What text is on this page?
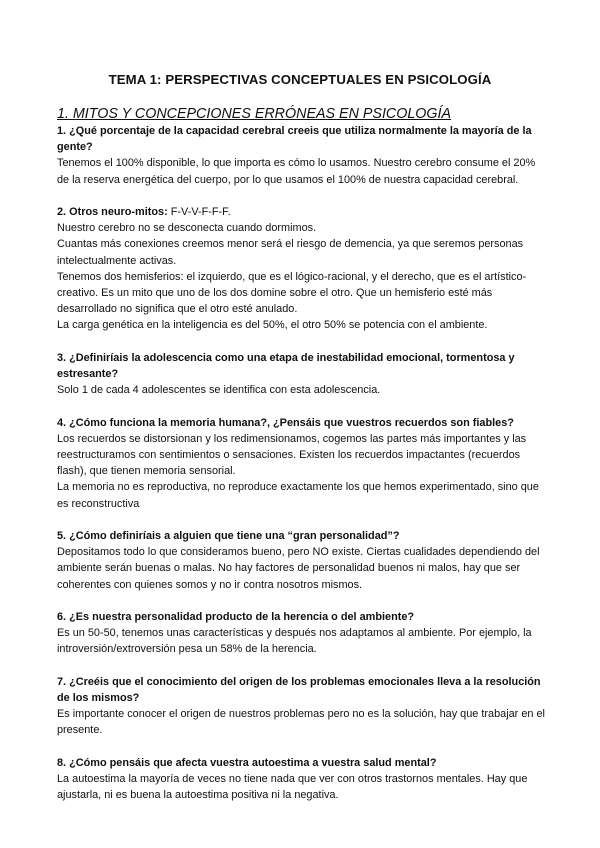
TEMA 1: PERSPECTIVAS CONCEPTUALES EN PSICOLOGÍA
1. MITOS Y CONCEPCIONES ERRÓNEAS EN PSICOLOGÍA
1. ¿Qué porcentaje de la capacidad cerebral creeis que utiliza normalmente la mayoría de la gente?
Tenemos el 100% disponible, lo que importa es cómo lo usamos. Nuestro cerebro consume el 20% de la reserva energética del cuerpo, por lo que usamos el 100% de nuestra capacidad cerebral.
2. Otros neuro-mitos: F-V-V-F-F-F.
Nuestro cerebro no se desconecta cuando dormimos.
Cuantas más conexiones creemos menor será el riesgo de demencia, ya que seremos personas intelectualmente activas.
Tenemos dos hemisferios: el izquierdo, que es el lógico-racional, y el derecho, que es el artístico-creativo. Es un mito que uno de los dos domine sobre el otro. Que un hemisferio esté más desarrollado no significa que el otro esté anulado.
La carga genética en la inteligencia es del 50%, el otro 50% se potencia con el ambiente.
3. ¿Definiríais la adolescencia como una etapa de inestabilidad emocional, tormentosa y estresante?
Solo 1 de cada 4 adolescentes se identifica con esta adolescencia.
4. ¿Cómo funciona la memoria humana?, ¿Pensáis que vuestros recuerdos son fiables?
Los recuerdos se distorsionan y los redimensionamos, cogemos las partes más importantes y las reestructuramos con sentimientos o sensaciones. Existen los recuerdos impactantes (recuerdos flash), que tienen memoria sensorial.
La memoria no es reproductiva, no reproduce exactamente los que hemos experimentado, sino que es reconstructiva
5. ¿Cómo definiríais a alguien que tiene una “gran personalidad”?
Depositamos todo lo que consideramos bueno, pero NO existe. Ciertas cualidades dependiendo del ambiente serán buenas o malas. No hay factores de personalidad buenos ni malos, hay que ser coherentes con quienes somos y no ir contra nosotros mismos.
6. ¿Es nuestra personalidad producto de la herencia o del ambiente?
Es un 50-50, tenemos unas características y después nos adaptamos al ambiente. Por ejemplo, la introversión/extroversión pesa un 58% de la herencia.
7. ¿Creéis que el conocimiento del origen de los problemas emocionales lleva a la resolución de los mismos?
Es importante conocer el origen de nuestros problemas pero no es la solución, hay que trabajar en el presente.
8. ¿Cómo pensáis que afecta vuestra autoestima a vuestra salud mental?
La autoestima la mayoría de veces no tiene nada que ver con otros trastornos mentales. Hay que ajustarla, ni es buena la autoestima positiva ni la negativa.
